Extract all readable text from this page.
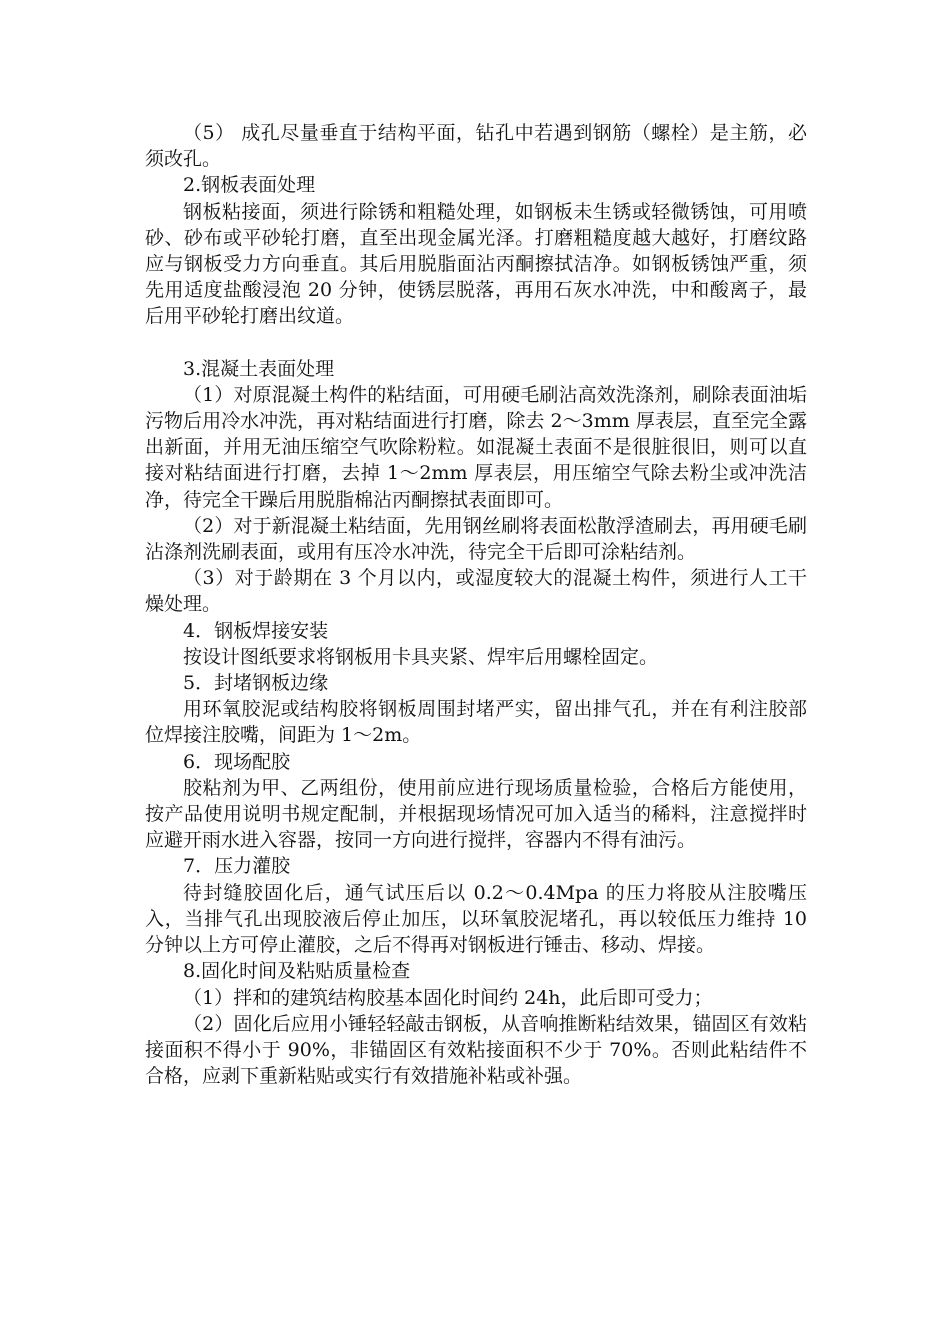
（5） 成孔尽量垂直于结构平面，钻孔中若遇到钢筋（螺栓）是主筋，必须改孔。

2.钢板表面处理

钢板粘接面，须进行除锈和粗糙处理，如钢板未生锈或轻微锈蚀，可用喷砂、砂布或平砂轮打磨，直至出现金属光泽。打磨粗糙度越大越好，打磨纹路应与钢板受力方向垂直。其后用脱脂面沾丙酮擦拭洁净。如钢板锈蚀严重，须先用适度盐酸浸泡 20 分钟，使锈层脱落，再用石灰水冲洗，中和酸离子，最后用平砂轮打磨出纹道。

3.混凝土表面处理

（1）对原混凝土构件的粘结面，可用硬毛刷沾高效洗涤剂，刷除表面油垢污物后用冷水冲洗，再对粘结面进行打磨，除去 2～3mm 厚表层，直至完全露出新面，并用无油压缩空气吹除粉粒。如混凝土表面不是很脏很旧，则可以直接对粘结面进行打磨，去掉 1～2mm 厚表层，用压缩空气除去粉尘或冲洗洁净，待完全干躁后用脱脂棉沾丙酮擦拭表面即可。

（2）对于新混凝土粘结面，先用钢丝刷将表面松散浮渣刷去，再用硬毛刷沾涤剂洗刷表面，或用有压冷水冲洗，待完全干后即可涂粘结剂。

（3）对于龄期在 3 个月以内，或湿度较大的混凝土构件，须进行人工干燥处理。

4．钢板焊接安装

按设计图纸要求将钢板用卡具夹紧、焊牢后用螺栓固定。

5．封堵钢板边缘

用环氧胶泥或结构胶将钢板周围封堵严实，留出排气孔，并在有利注胶部位焊接注胶嘴，间距为 1～2m。

6．现场配胶

胶粘剂为甲、乙两组份，使用前应进行现场质量检验，合格后方能使用，按产品使用说明书规定配制，并根据现场情况可加入适当的稀料，注意搅拌时应避开雨水进入容器，按同一方向进行搅拌，容器内不得有油污。

7．压力灌胶

待封缝胶固化后，通气试压后以 0.2～0.4Mpa 的压力将胶从注胶嘴压入，当排气孔出现胶液后停止加压，以环氧胶泥堵孔，再以较低压力维持 10 分钟以上方可停止灌胶，之后不得再对钢板进行锤击、移动、焊接。

8.固化时间及粘贴质量检查

（1）拌和的建筑结构胶基本固化时间约 24h，此后即可受力；

（2）固化后应用小锤轻轻敲击钢板，从音响推断粘结效果，锚固区有效粘接面积不得小于 90%，非锚固区有效粘接面积不少于 70%。否则此粘结件不合格，应剥下重新粘贴或实行有效措施补粘或补强。
